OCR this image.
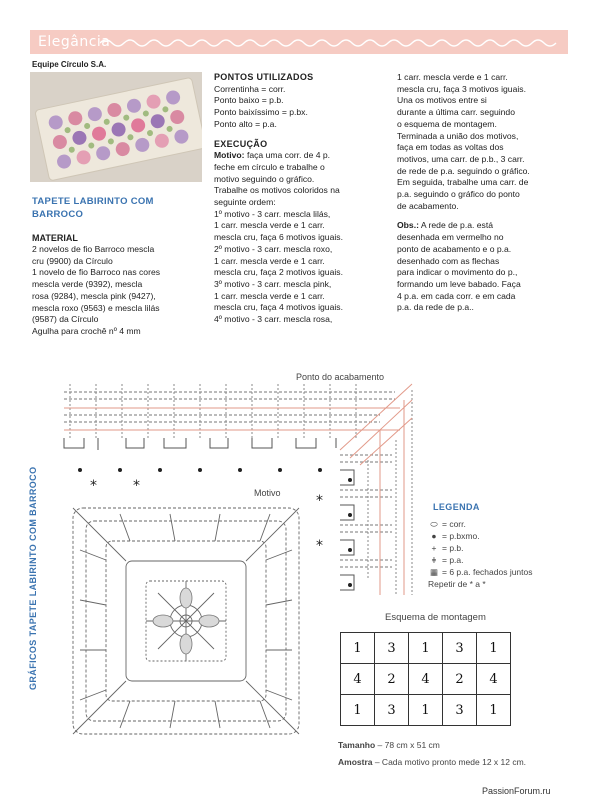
Elegância
Equipe Círculo S.A.
TAPETE LABIRINTO COM
BARROCO
MATERIAL
2 novelos de fio Barroco mescla
cru (9900) da Círculo
1 novelo de fio Barroco nas cores
mescla verde (9392), mescla
rosa (9284), mescla pink (9427),
mescla roxo (9563) e mescla lilás
(9587) da Círculo
Agulha para crochê nº 4 mm
PONTOS UTILIZADOS
Correntinha = corr.
Ponto baixo = p.b.
Ponto baixíssimo = p.bx.
Ponto alto = p.a.
EXECUÇÃO
Motivo: faça uma corr. de 4 p.
feche em círculo e trabalhe o
motivo seguindo o gráfico.
Trabalhe os motivos coloridos na
seguinte ordem:
1º motivo - 3 carr. mescla lilás,
1 carr. mescla verde e 1 carr.
mescla cru, faça 6 motivos iguais.
2º motivo - 3 carr. mescla roxo,
1 carr. mescla verde e 1 carr.
mescla cru, faça 2 motivos iguais.
3º motivo - 3 carr. mescla pink,
1 carr. mescla verde e 1 carr.
mescla cru, faça 4 motivos iguais.
4º motivo - 3 carr. mescla rosa,
1 carr. mescla verde e 1 carr.
mescla cru, faça 3 motivos iguais.
Una os motivos entre si
durante a última carr. seguindo
o esquema de montagem.
Terminada a união dos motivos,
faça em todas as voltas dos
motivos, uma carr. de p.b., 3 carr.
de rede de p.a. seguindo o gráfico.
Em seguida, trabalhe uma carr. de
p.a. seguindo o gráfico do ponto
de acabamento.
Obs.: A rede de p.a. está
desenhada em vermelho no
ponto de acabamento e o p.a.
desenhado com as flechas
para indicar o movimento do p.,
formando um leve babado. Faça
4 p.a. em cada corr. e em cada
p.a. da rede de p.a..
GRÁFICOS TAPETE LABIRINTO COM BARROCO	*	*
*
*
Ponto do acabamento
Motivo
LEGENDA
⬭ = corr.
● = p.bxmo.
+ = p.b.
ǂ = p.a.
▦ = 6 p.a. fechados juntos
Repetir de * a *
Esquema de montagem
1	3	1	3	1
4	2	4	2	4
1	3	1	3	1
Tamanho – 78 cm x 51 cm
Amostra – Cada motivo pronto mede 12 x 12 cm.
PassionForum.ru
